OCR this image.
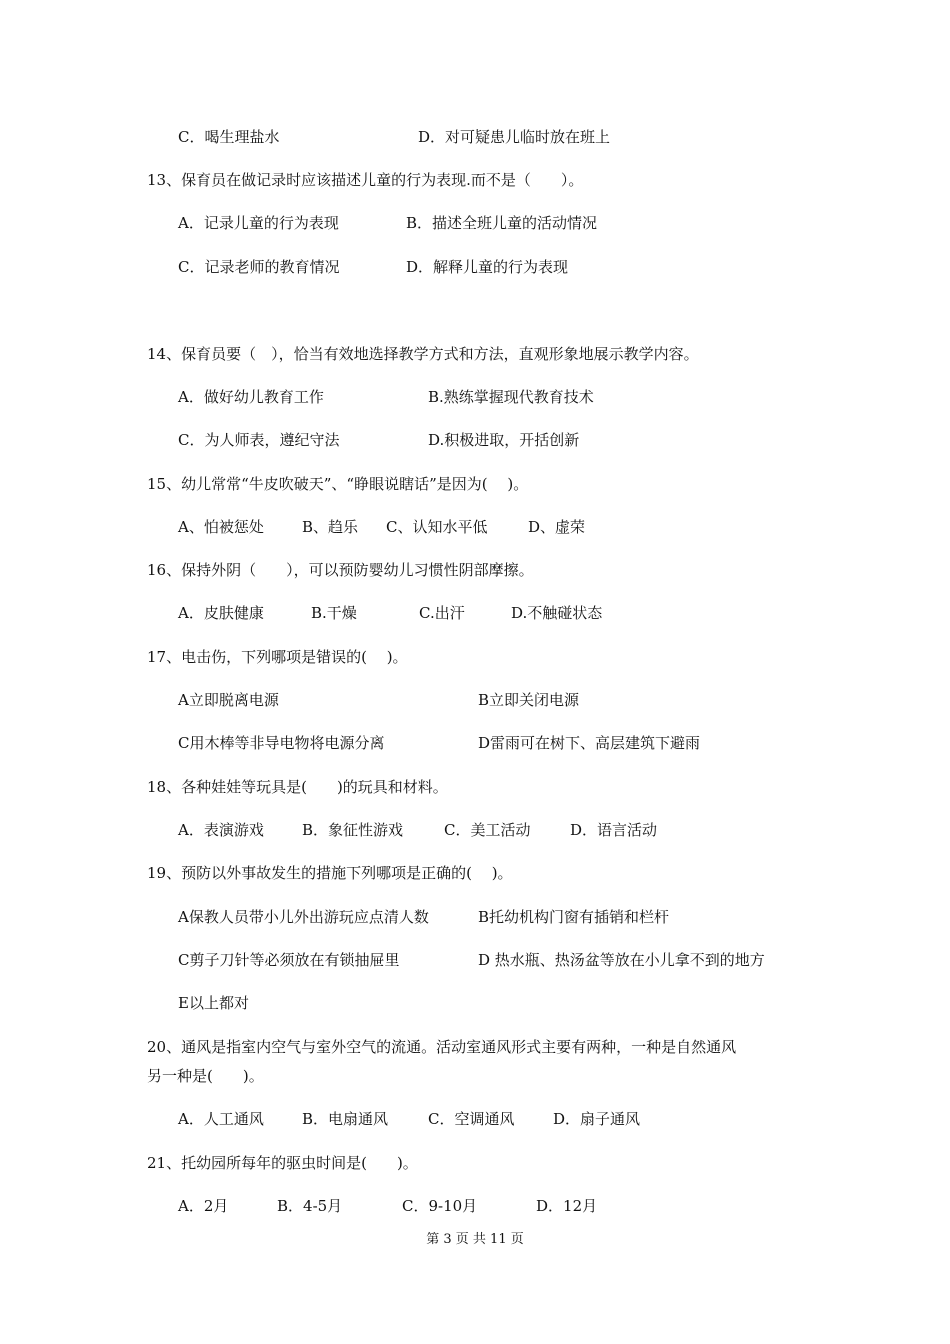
C．喝生理盐水	D．对可疑患儿临时放在班上
13、保育员在做记录时应该描述儿童的行为表现.而不是（　　）。
A．记录儿童的行为表现	B．描述全班儿童的活动情况
C．记录老师的教育情况	D．解释儿童的行为表现
14、保育员要（　），恰当有效地选择教学方式和方法，直观形象地展示教学内容。
A．做好幼儿教育工作	B.熟练掌握现代教育技术
C．为人师表，遵纪守法	D.积极进取，开括创新
15、幼儿常常“牛皮吹破天”、“睁眼说瞎话”是因为(　 )。
A、怕被惩处	B、趋乐 C、认知水平低	D、虚荣
16、保持外阴（　　），可以预防婴幼儿习惯性阴部摩擦。
A．皮肤健康	B.干燥	C.出汗	D.不触碰状态
17、电击伤，下列哪项是错误的(　 )。
A立即脱离电源	B立即关闭电源
C用木棒等非导电物将电源分离	D雷雨可在树下、高层建筑下避雨
18、各种娃娃等玩具是(　　)的玩具和材料。
A．表演游戏	B．象征性游戏	C．美工活动	D．语言活动
19、预防以外事故发生的措施下列哪项是正确的(　 )。
A保教人员带小儿外出游玩应点清人数	B托幼机构门窗有插销和栏杆
C剪子刀针等必须放在有锁抽屉里	D 热水瓶、热汤盆等放在小儿拿不到的地方
E以上都对
20、通风是指室内空气与室外空气的流通。活动室通风形式主要有两种，一种是自然通风
另一种是(　　)。
A．人工通风	B．电扇通风	C．空调通风	D．扇子通风
21、托幼园所每年的驱虫时间是(　　)。
A．2月	B．4-5月	C．9-10月	D．12月
第 3 页 共 11 页
